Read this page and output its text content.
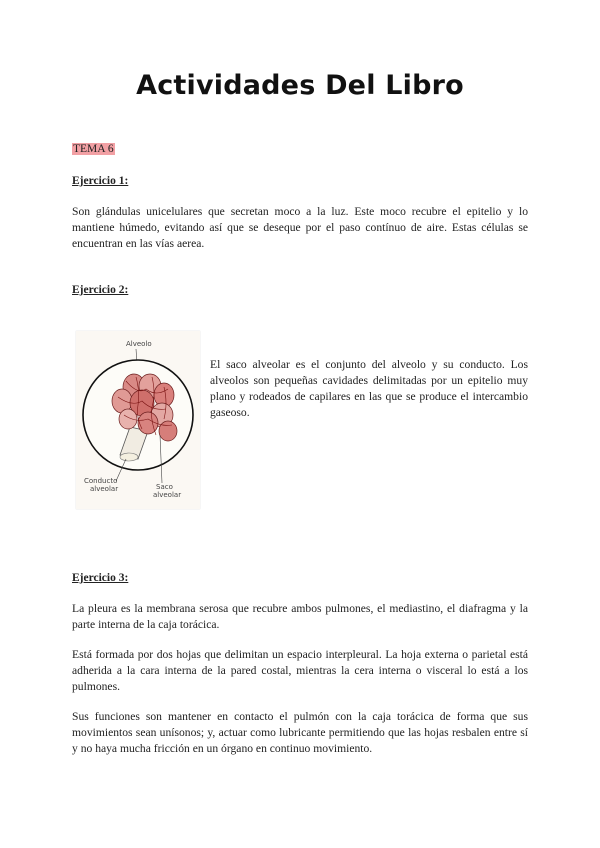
Actividades Del Libro
TEMA 6
Ejercicio 1:
Son glándulas unicelulares que secretan moco a la luz. Este moco recubre el epitelio y lo mantiene húmedo, evitando así que se deseque por el paso contínuo de aire. Estas células se encuentran en las vías aerea.
Ejercicio 2:
Alveolo
Conducto
alveolar	Saco
alveolar
El saco alveolar es el conjunto del alveolo y su conducto. Los alveolos son pequeñas cavidades delimitadas por un epitelio muy plano y rodeados de capilares en las que se produce el intercambio gaseoso.
Ejercicio 3:
La pleura es la membrana serosa que recubre ambos pulmones, el mediastino, el diafragma y la parte interna de la caja torácica.
Está formada por dos hojas que delimitan un espacio interpleural. La hoja externa o parietal está adherida a la cara interna de la pared costal, mientras la cera interna o visceral lo está a los pulmones.
Sus funciones son mantener en contacto el pulmón con la caja torácica de forma que sus movimientos sean unísonos; y, actuar como lubricante permitiendo que las hojas resbalen entre sí y no haya mucha fricción en un órgano en continuo movimiento.
